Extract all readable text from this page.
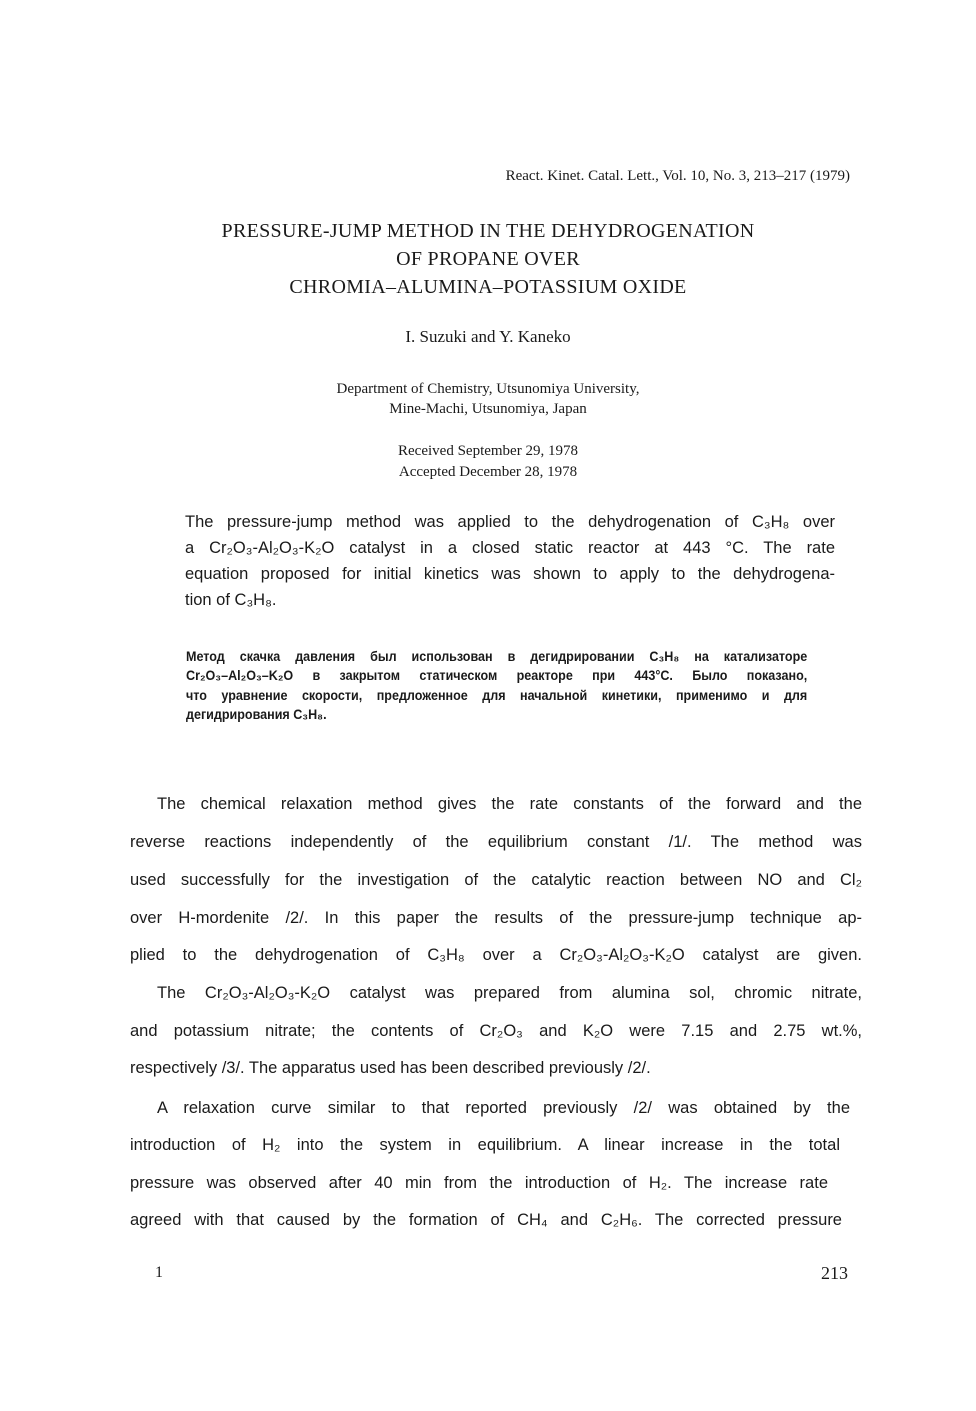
React. Kinet. Catal. Lett., Vol. 10, No. 3, 213–217 (1979)
PRESSURE-JUMP METHOD IN THE DEHYDROGENATION
OF PROPANE OVER
CHROMIA–ALUMINA–POTASSIUM OXIDE
I. Suzuki and Y. Kaneko
Department of Chemistry, Utsunomiya University,
Mine-Machi, Utsunomiya, Japan
Received September 29, 1978
Accepted December 28, 1978
The pressure-jump method was applied to the dehydrogenation of C₃H₈ over
a Cr₂O₃-Al₂O₃-K₂O catalyst in a closed static reactor at 443 °C. The rate
equation proposed for initial kinetics was shown to apply to the dehydrogena-
tion of C₃H₈.
Метод скачка давления был использован в дегидрировании C₃H₈ на катализаторе
Cr₂O₃–Al₂O₃–K₂O в закрытом статическом реакторе при 443°C. Было показано,
что уравнение скорости, предложенное для начальной кинетики, применимо и для
дегидрирования C₃H₈.
The chemical relaxation method gives the rate constants of the forward and the
reverse reactions independently of the equilibrium constant /1/. The method was
used successfully for the investigation of the catalytic reaction between NO and Cl₂
over H-mordenite /2/. In this paper the results of the pressure-jump technique ap-
plied to the dehydrogenation of C₃H₈ over a Cr₂O₃-Al₂O₃-K₂O catalyst are given.
The Cr₂O₃-Al₂O₃-K₂O catalyst was prepared from alumina sol, chromic nitrate,
and potassium nitrate; the contents of Cr₂O₃ and K₂O were 7.15 and 2.75 wt.%,
respectively /3/. The apparatus used has been described previously /2/.
A relaxation curve similar to that reported previously /2/ was obtained by the
introduction of H₂ into the system in equilibrium. A linear increase in the total
pressure was observed after 40 min from the introduction of H₂. The increase rate
agreed with that caused by the formation of CH₄ and C₂H₆. The corrected pressure
1	213
